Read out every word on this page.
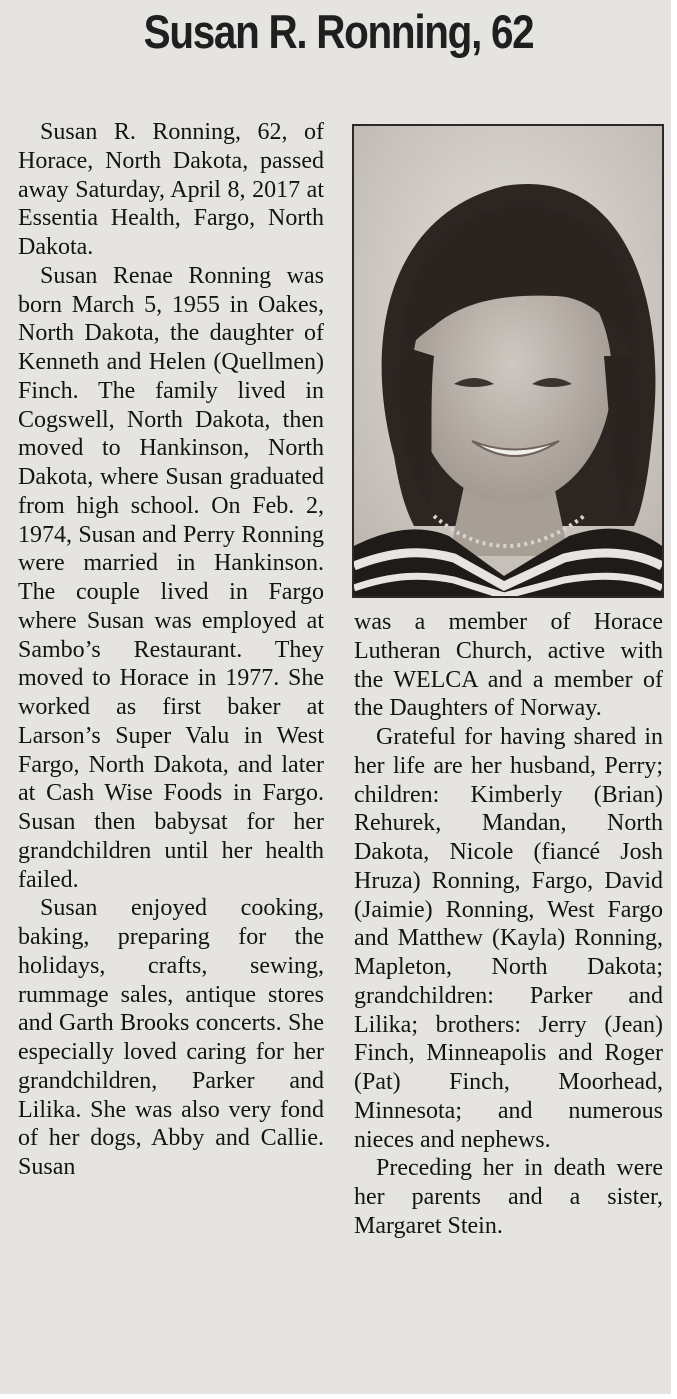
Susan R. Ronning, 62

Susan R. Ronning, 62, of Horace, North Dakota, passed away Saturday, April 8, 2017 at Essentia Health, Fargo, North Dakota.

Susan Renae Ronning was born March 5, 1955 in Oakes, North Dakota, the daughter of Kenneth and Helen (Quellmen) Finch. The family lived in Cogswell, North Dakota, then moved to Hankinson, North Dakota, where Susan graduated from high school. On Feb. 2, 1974, Susan and Perry Ronning were married in Hankinson. The couple lived in Fargo where Susan was employed at Sambo’s Restaurant. They moved to Horace in 1977. She worked as first baker at Larson’s Super Valu in West Fargo, North Dakota, and later at Cash Wise Foods in Fargo. Susan then babysat for her grandchildren until her health failed.

Susan enjoyed cooking, baking, preparing for the holidays, crafts, sewing, rummage sales, antique stores and Garth Brooks concerts. She especially loved caring for her grandchildren, Parker and Lilika. She was also very fond of her dogs, Abby and Callie. Susan

was a member of Horace Lutheran Church, active with the WELCA and a member of the Daughters of Norway.

Grateful for having shared in her life are her husband, Perry; children: Kimberly (Brian) Rehurek, Mandan, North Dakota, Nicole (fiancé Josh Hruza) Ronning, Fargo, David (Jaimie) Ronning, West Fargo and Matthew (Kayla) Ronning, Mapleton, North Dakota; grandchildren: Parker and Lilika; brothers: Jerry (Jean) Finch, Minneapolis and Roger (Pat) Finch, Moorhead, Minnesota; and numerous nieces and nephews.

Preceding her in death were her parents and a sister, Margaret Stein.
